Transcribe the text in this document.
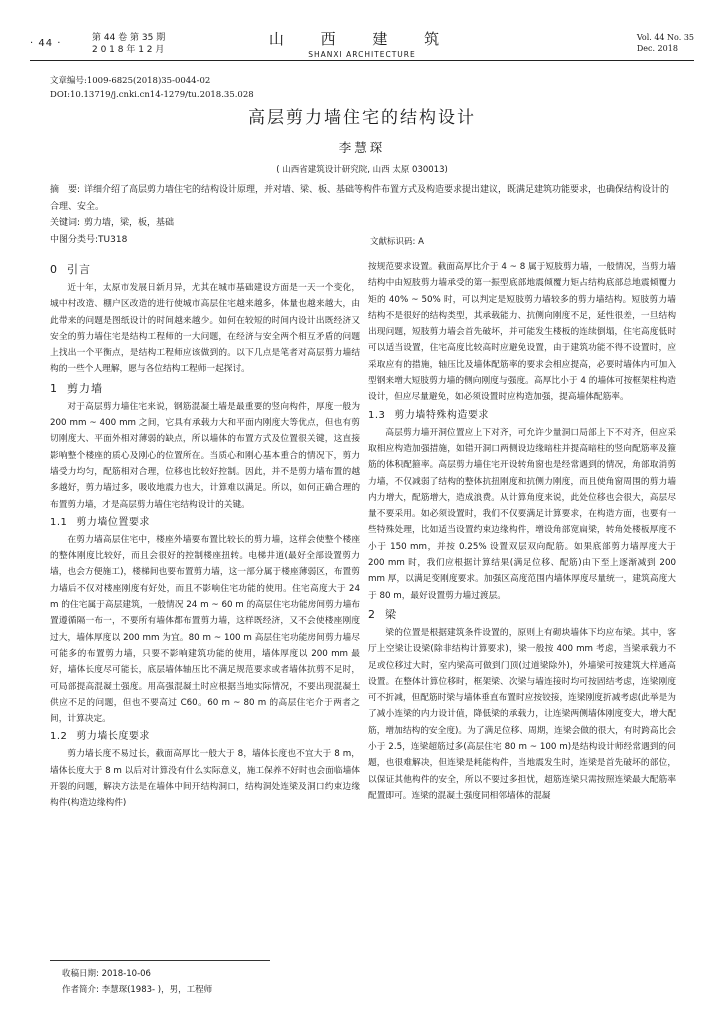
· 44 ·	第 44 卷 第 35 期
2 0 1 8 年 1 2 月
山 西 建 筑
SHANXI ARCHITECTURE
Vol. 44 No. 35
Dec. 2018
文章编号:1009-6825(2018)35-0044-02
DOI:10.13719/j.cnki.cn14-1279/tu.2018.35.028
高层剪力墙住宅的结构设计
李慧琛
( 山西省建筑设计研究院, 山西 太原 030013)

摘　要: 详细介绍了高层剪力墙住宅的结构设计原理，并对墙、梁、板、基础等构件布置方式及构造要求提出建议，既满足建筑功能要求，也确保结构设计的合理、安全。

关键词: 剪力墙，梁，板，基础

中图分类号:TU318	文献标识码: A
0 引言

近十年，太原市发展日新月异，尤其在城市基础建设方面是一天一个变化，城中村改造、棚户区改造的进行使城市高层住宅越来越多，体量也越来越大，由此带来的问题是图纸设计的时间越来越少。如何在较短的时间内设计出既经济又安全的剪力墙住宅是结构工程师的一大问题，在经济与安全两个相互矛盾的问题上找出一个平衡点，是结构工程师应该做到的。以下几点是笔者对高层剪力墙结构的一些个人理解，愿与各位结构工程师一起探讨。

1 剪力墙

对于高层剪力墙住宅来说，钢筋混凝土墙是最重要的竖向构件，厚度一般为 200 mm ~ 400 mm 之间，它具有承载力大和平面内刚度大等优点，但也有剪切刚度大、平面外相对薄弱的缺点，所以墙体的布置方式及位置很关键，这直接影响整个楼座的质心及刚心的位置所在。当质心和刚心基本重合的情况下，剪力墙受力均匀，配筋相对合理，位移也比较好控制。因此，并不是剪力墙布置的越多越好，剪力墙过多，吸收地震力也大，计算难以满足。所以，如何正确合理的布置剪力墙，才是高层剪力墙住宅结构设计的关键。

1.1 剪力墙位置要求

在剪力墙高层住宅中，楼座外墙要布置比较长的剪力墙，这样会使整个楼座的整体刚度比较好，而且会很好的控制楼座扭转。电梯井道(最好全部设置剪力墙，也会方便施工)，楼梯间也要布置剪力墙，这一部分属于楼座薄弱区，布置剪力墙后不仅对楼座刚度有好处，而且不影响住宅功能的使用。住宅高度大于 24 m 的住宅属于高层建筑，一般情况 24 m ~ 60 m 的高层住宅功能房间剪力墙布置遵循隔一布一，不要所有墙体都布置剪力墙，这样既经济，又不会使楼座刚度过大，墙体厚度以 200 mm 为宜。80 m ~ 100 m 高层住宅功能房间剪力墙尽可能多的布置剪力墙，只要不影响建筑功能的使用，墙体厚度以 200 mm 最好，墙体长度尽可能长，底层墙体轴压比不满足规范要求或者墙体抗剪不足时，可局部提高混凝土强度。用高强混凝土时应根据当地实际情况，不要出现混凝土供应不足的问题，但也不要高过 C60。60 m ~ 80 m 的高层住宅介于两者之间，计算决定。

1.2 剪力墙长度要求

剪力墙长度不易过长，截面高厚比一般大于 8，墙体长度也不宜大于 8 m，墙体长度大于 8 m 以后对计算没有什么实际意义，施工保养不好时也会面临墙体开裂的问题，解决方法是在墙体中间开结构洞口，结构洞处连梁及洞口约束边缘构件(构造边缘构件)

按规范要求设置。截面高厚比介于 4 ~ 8 属于短肢剪力墙，一般情况，当剪力墙结构中由短肢剪力墙承受的第一振型底部地震倾覆力矩占结构底部总地震倾覆力矩的 40% ~ 50% 时，可以判定是短肢剪力墙较多的剪力墙结构。短肢剪力墙结构不是很好的结构类型，其承载能力、抗侧向刚度不足，延性很差，一旦结构出现问题，短肢剪力墙会首先破坏，并可能发生楼板的连续倒塌，住宅高度低时可以适当设置，住宅高度比较高时应避免设置，由于建筑功能不得不设置时，应采取应有的措施，轴压比及墙体配筋率的要求会相应提高，必要时墙体内可加入型钢来增大短肢剪力墙的侧向刚度与强度。高厚比小于 4 的墙体可按框架柱构造设计，但应尽量避免，如必须设置时应构造加强，提高墙体配筋率。

1.3 剪力墙特殊构造要求

高层剪力墙开洞位置应上下对齐，可允许少量洞口局部上下不对齐，但应采取相应构造加强措施，如错开洞口两侧设边缘暗柱并提高暗柱的竖向配筋率及箍筋的体积配箍率。高层剪力墙住宅开设转角窗也是经常遇到的情况，角部取消剪力墙，不仅减弱了结构的整体抗扭刚度和抗侧力刚度，而且使角窗周围的剪力墙内力增大，配筋增大，造成浪费。从计算角度来说，此处位移也会很大，高层尽量不要采用。如必须设置时，我们不仅要满足计算要求，在构造方面，也要有一些特殊处理，比如适当设置约束边缘构件，增设角部宽扁梁，转角处楼板厚度不小于 150 mm，并按 0.25% 设置双层双向配筋。如果底部剪力墙厚度大于 200 mm 时，我们应根据计算结果(满足位移、配筋)由下至上逐渐减到 200 mm 厚，以满足变刚度要求。加强区高度范围内墙体厚度尽量统一，建筑高度大于 80 m，最好设置剪力墙过渡层。

2 梁

梁的位置是根据建筑条件设置的，原则上有砌块墙体下均应布梁。其中，客厅上空梁让设梁(除非结构计算要求)，梁一般按 400 mm 考虑，当梁承载力不足或位移过大时，室内梁高可做到门顶(过道梁除外)，外墙梁可按建筑大样通高设置。在整体计算位移时，框架梁、次梁与墙连接时均可按固结考虑，连梁刚度可不折减，但配筋时梁与墙体垂直布置时应按铰接，连梁刚度折减考虑(此举是为了减小连梁的内力设计值，降低梁的承载力，让连梁两侧墙体刚度变大，增大配筋，增加结构的安全度)。为了满足位移、周期，连梁会做的很大，有时跨高比会小于 2.5，连梁超筋过多(高层住宅 80 m ~ 100 m)是结构设计师经常遇到的问题，也很难解决，但连梁是耗能构件，当地震发生时，连梁是首先破坏的部位，以保证其他构件的安全，所以不要过多担忧，超筋连梁只需按照连梁最大配筋率配置即可。连梁的混凝土强度同相邻墙体的混凝

收稿日期: 2018-10-06
作者简介: 李慧琛(1983- )，男，工程师
